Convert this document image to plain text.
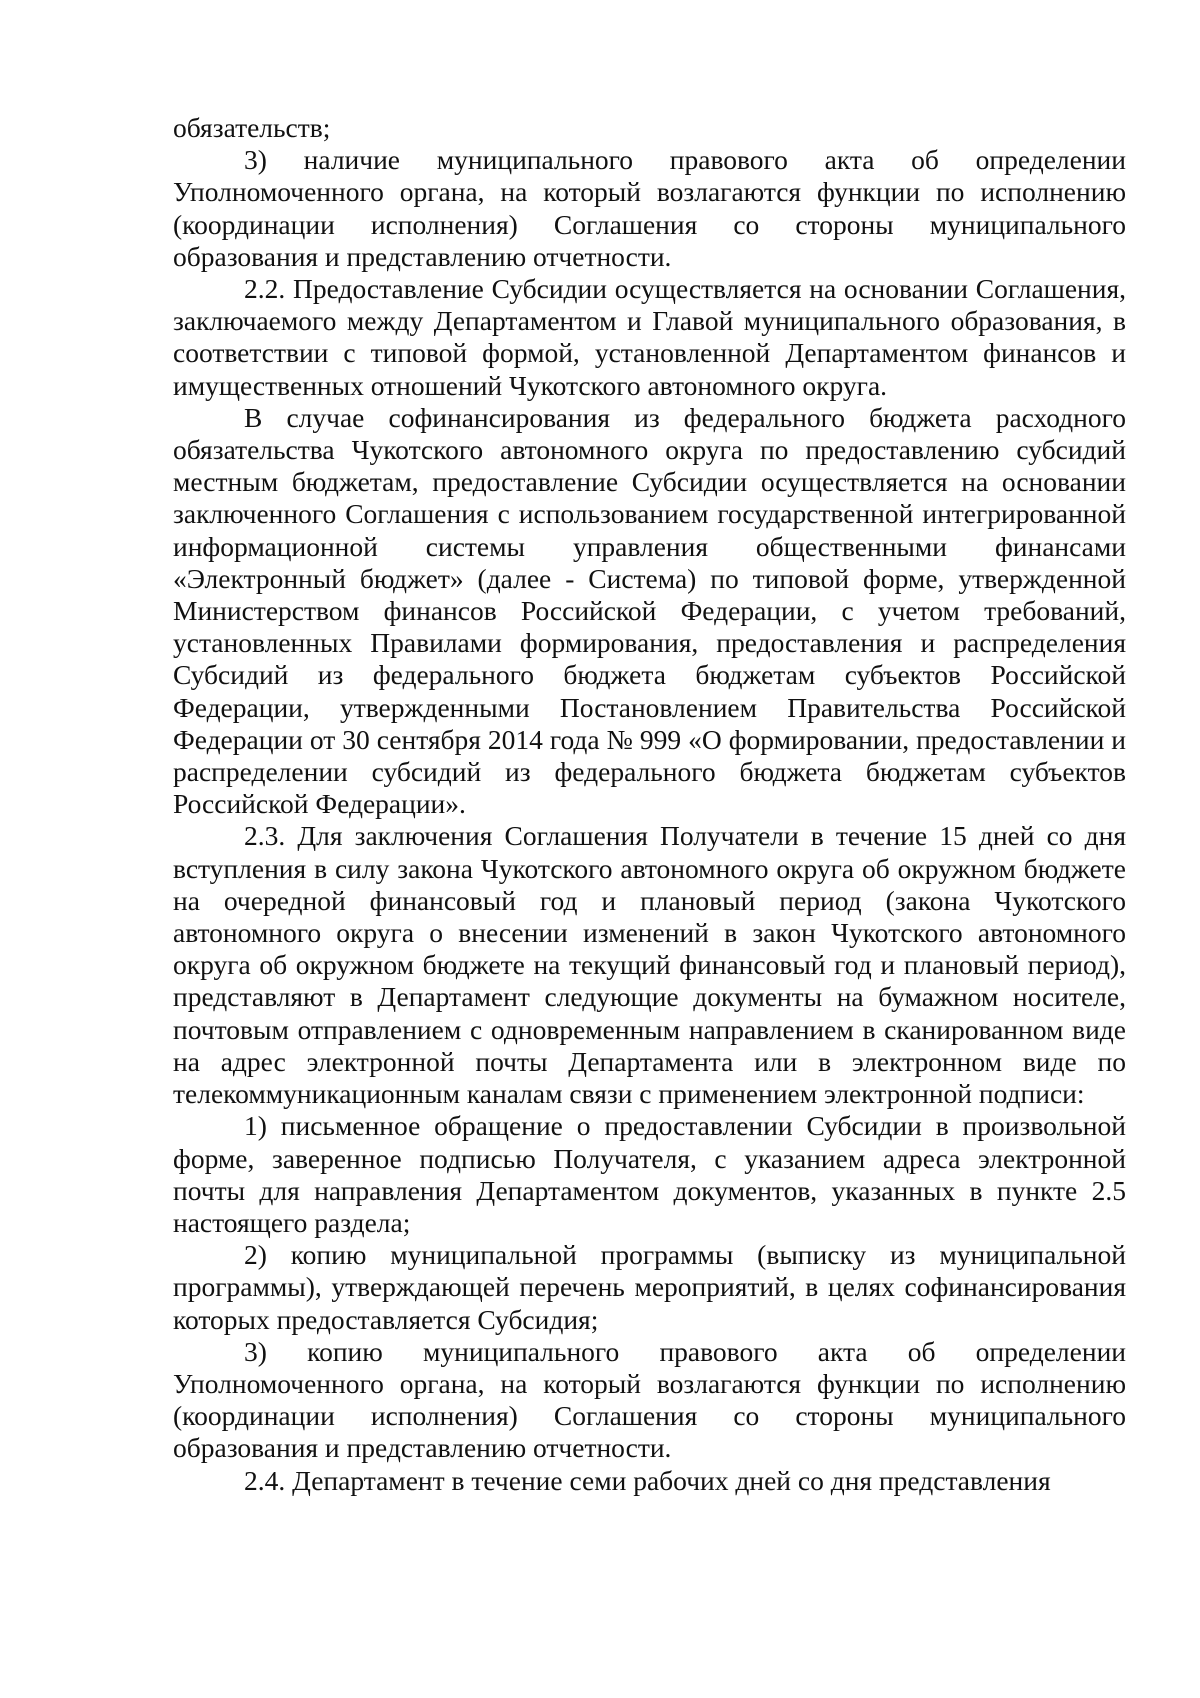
обязательств;

3) наличие муниципального правового акта об определении Уполномоченного органа, на который возлагаются функции по исполнению (координации исполнения) Соглашения со стороны муниципального образования и представлению отчетности.

2.2. Предоставление Субсидии осуществляется на основании Соглашения, заключаемого между Департаментом и Главой муниципального образования, в соответствии с типовой формой, установленной Департаментом финансов и имущественных отношений Чукотского автономного округа.

В случае софинансирования из федерального бюджета расходного обязательства Чукотского автономного округа по предоставлению субсидий местным бюджетам, предоставление Субсидии осуществляется на основании заключенного Соглашения с использованием государственной интегрированной информационной системы управления общественными финансами «Электронный бюджет» (далее - Система) по типовой форме, утвержденной Министерством финансов Российской Федерации, с учетом требований, установленных Правилами формирования, предоставления и распределения Субсидий из федерального бюджета бюджетам субъектов Российской Федерации, утвержденными Постановлением Правительства Российской Федерации от 30 сентября 2014 года № 999 «О формировании, предоставлении и распределении субсидий из федерального бюджета бюджетам субъектов Российской Федерации».

2.3. Для заключения Соглашения Получатели в течение 15 дней со дня вступления в силу закона Чукотского автономного округа об окружном бюджете на очередной финансовый год и плановый период (закона Чукотского автономного округа о внесении изменений в закон Чукотского автономного округа об окружном бюджете на текущий финансовый год и плановый период), представляют в Департамент следующие документы на бумажном носителе, почтовым отправлением с одновременным направлением в сканированном виде на адрес электронной почты Департамента или в электронном виде по телекоммуникационным каналам связи с применением электронной подписи:

1) письменное обращение о предоставлении Субсидии в произвольной форме, заверенное подписью Получателя, с указанием адреса электронной почты для направления Департаментом документов, указанных в пункте 2.5 настоящего раздела;

2) копию муниципальной программы (выписку из муниципальной программы), утверждающей перечень мероприятий, в целях софинансирования которых предоставляется Субсидия;

3) копию муниципального правового акта об определении Уполномоченного органа, на который возлагаются функции по исполнению (координации исполнения) Соглашения со стороны муниципального образования и представлению отчетности.

2.4. Департамент в течение семи рабочих дней со дня представления
